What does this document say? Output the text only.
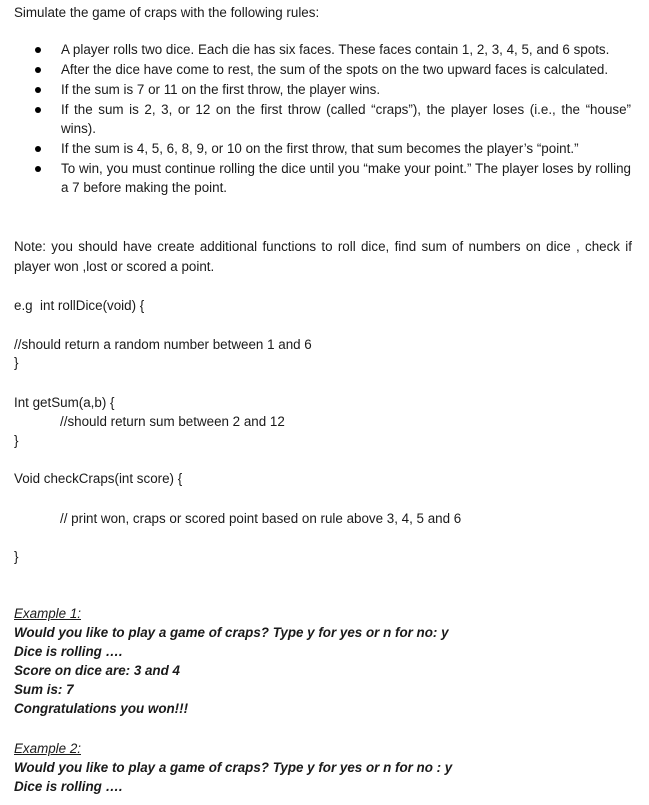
Simulate the game of craps with the following rules:
A player rolls two dice. Each die has six faces. These faces contain 1, 2, 3, 4, 5, and 6 spots.
After the dice have come to rest, the sum of the spots on the two upward faces is calculated.
If the sum is 7 or 11 on the first throw, the player wins.
If the sum is 2, 3, or 12 on the first throw (called “craps”), the player loses (i.e., the “house” wins).
If the sum is 4, 5, 6, 8, 9, or 10 on the first throw, that sum becomes the player’s “point.”
To win, you must continue rolling the dice until you “make your point.” The player loses by rolling a 7 before making the point.
Note: you should have create additional functions to roll dice, find sum of numbers on dice , check if player won ,lost or scored a point.
e.g  int rollDice(void) {
//should return a random number between 1 and 6
}
Int getSum(a,b) {
//should return sum between 2 and 12
}
Void checkCraps(int score) {
// print won, craps or scored point based on rule above 3, 4, 5 and 6
}
Example 1:
Would you like to play a game of craps? Type y for yes or n for no: y
Dice is rolling ….
Score on dice are: 3 and 4
Sum is: 7
Congratulations you won!!!
Example 2:
Would you like to play a game of craps? Type y for yes or n for no : y
Dice is rolling ….
